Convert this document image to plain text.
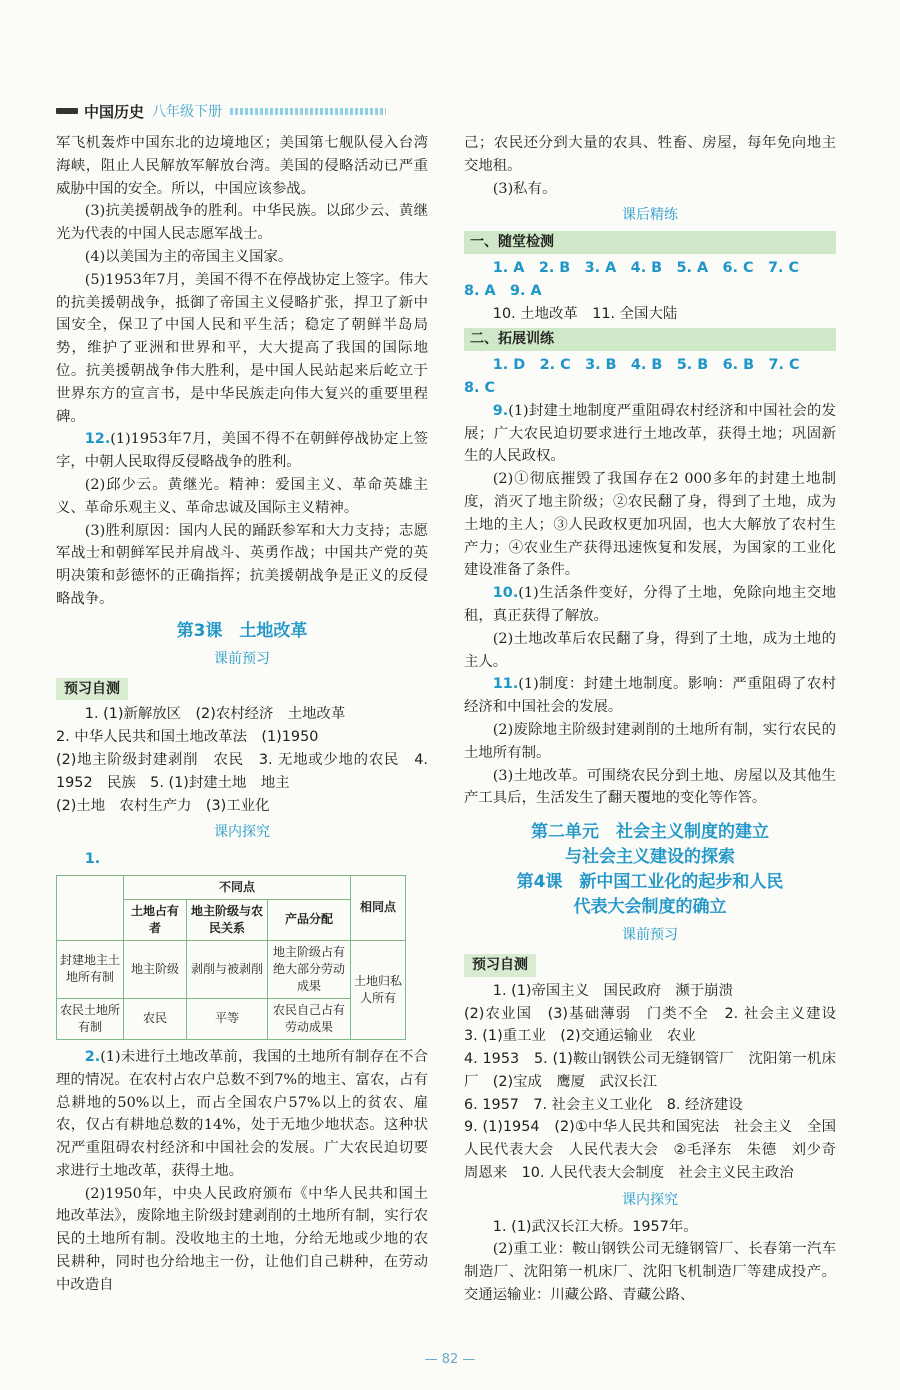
中国历史 八年级下册

军飞机轰炸中国东北的边境地区；美国第七舰队侵入台湾海峡，阻止人民解放军解放台湾。美国的侵略活动已严重威胁中国的安全。所以，中国应该参战。

(3)抗美援朝战争的胜利。中华民族。以邱少云、黄继光为代表的中国人民志愿军战士。

(4)以美国为主的帝国主义国家。

(5)1953年7月，美国不得不在停战协定上签字。伟大的抗美援朝战争，抵御了帝国主义侵略扩张，捍卫了新中国安全，保卫了中国人民和平生活；稳定了朝鲜半岛局势，维护了亚洲和世界和平，大大提高了我国的国际地位。抗美援朝战争伟大胜利，是中国人民站起来后屹立于世界东方的宣言书，是中华民族走向伟大复兴的重要里程碑。

12.(1)1953年7月，美国不得不在朝鲜停战协定上签字，中朝人民取得反侵略战争的胜利。

(2)邱少云。黄继光。精神：爱国主义、革命英雄主义、革命乐观主义、革命忠诚及国际主义精神。

(3)胜利原因：国内人民的踊跃参军和大力支持；志愿军战士和朝鲜军民并肩战斗、英勇作战；中国共产党的英明决策和彭德怀的正确指挥；抗美援朝战争是正义的反侵略战争。

第3课　土地改革
课前预习
预习自测

1. (1)新解放区　(2)农村经济　土地改革

2. 中华人民共和国土地改革法　(1)1950

(2)地主阶级封建剥削　农民　3. 无地或少地的农民　4. 1952　民族　5. (1)封建土地　地主

(2)土地　农村生产力　(3)工业化

课内探究

1.

	不同点			相同点
	土地占有者	地主阶级与农民关系	产品分配	
封建地主土地所有制	地主阶级	剥削与被剥削	地主阶级占有绝大部分劳动成果	土地归私人所有
农民土地所有制	农民	平等	农民自己占有劳动成果	

2.(1)未进行土地改革前，我国的土地所有制存在不合理的情况。在农村占农户总数不到7%的地主、富农，占有总耕地的50%以上，而占全国农户57%以上的贫农、雇农，仅占有耕地总数的14%，处于无地少地状态。这种状况严重阻碍农村经济和中国社会的发展。广大农民迫切要求进行土地改革，获得土地。

(2)1950年，中央人民政府颁布《中华人民共和国土地改革法》，废除地主阶级封建剥削的土地所有制，实行农民的土地所有制。没收地主的土地，分给无地或少地的农民耕种，同时也分给地主一份，让他们自己耕种，在劳动中改造自

己；农民还分到大量的农具、牲畜、房屋，每年免向地主交地租。

(3)私有。

课后精练
一、随堂检测

1. A　2. B　3. A　4. B　5. A　6. C　7. C

8. A　9. A

10. 土地改革　11. 全国大陆

二、拓展训练

1. D　2. C　3. B　4. B　5. B　6. B　7. C

8. C

9.(1)封建土地制度严重阻碍农村经济和中国社会的发展；广大农民迫切要求进行土地改革，获得土地；巩固新生的人民政权。

(2)①彻底摧毁了我国存在2 000多年的封建土地制度，消灭了地主阶级；②农民翻了身，得到了土地，成为土地的主人；③人民政权更加巩固，也大大解放了农村生产力；④农业生产获得迅速恢复和发展，为国家的工业化建设准备了条件。

10.(1)生活条件变好，分得了土地，免除向地主交地租，真正获得了解放。

(2)土地改革后农民翻了身，得到了土地，成为土地的主人。

11.(1)制度：封建土地制度。影响：严重阻碍了农村经济和中国社会的发展。

(2)废除地主阶级封建剥削的土地所有制，实行农民的土地所有制。

(3)土地改革。可围绕农民分到土地、房屋以及其他生产工具后，生活发生了翻天覆地的变化等作答。

第二单元　社会主义制度的建立
与社会主义建设的探索
第4课　新中国工业化的起步和人民
代表大会制度的确立
课前预习
预习自测

1. (1)帝国主义　国民政府　濒于崩溃

(2)农业国　(3)基础薄弱　门类不全　2. 社会主义建设　3. (1)重工业　(2)交通运输业　农业

4. 1953　5. (1)鞍山钢铁公司无缝钢管厂　沈阳第一机床厂　(2)宝成　鹰厦　武汉长江

6. 1957　7. 社会主义工业化　8. 经济建设

9. (1)1954　(2)①中华人民共和国宪法　社会主义　全国人民代表大会　人民代表大会　②毛泽东　朱德　刘少奇　周恩来　10. 人民代表大会制度　社会主义民主政治

课内探究

1. (1)武汉长江大桥。1957年。

(2)重工业：鞍山钢铁公司无缝钢管厂、长春第一汽车制造厂、沈阳第一机床厂、沈阳飞机制造厂等建成投产。交通运输业：川藏公路、青藏公路、

— 82 —
